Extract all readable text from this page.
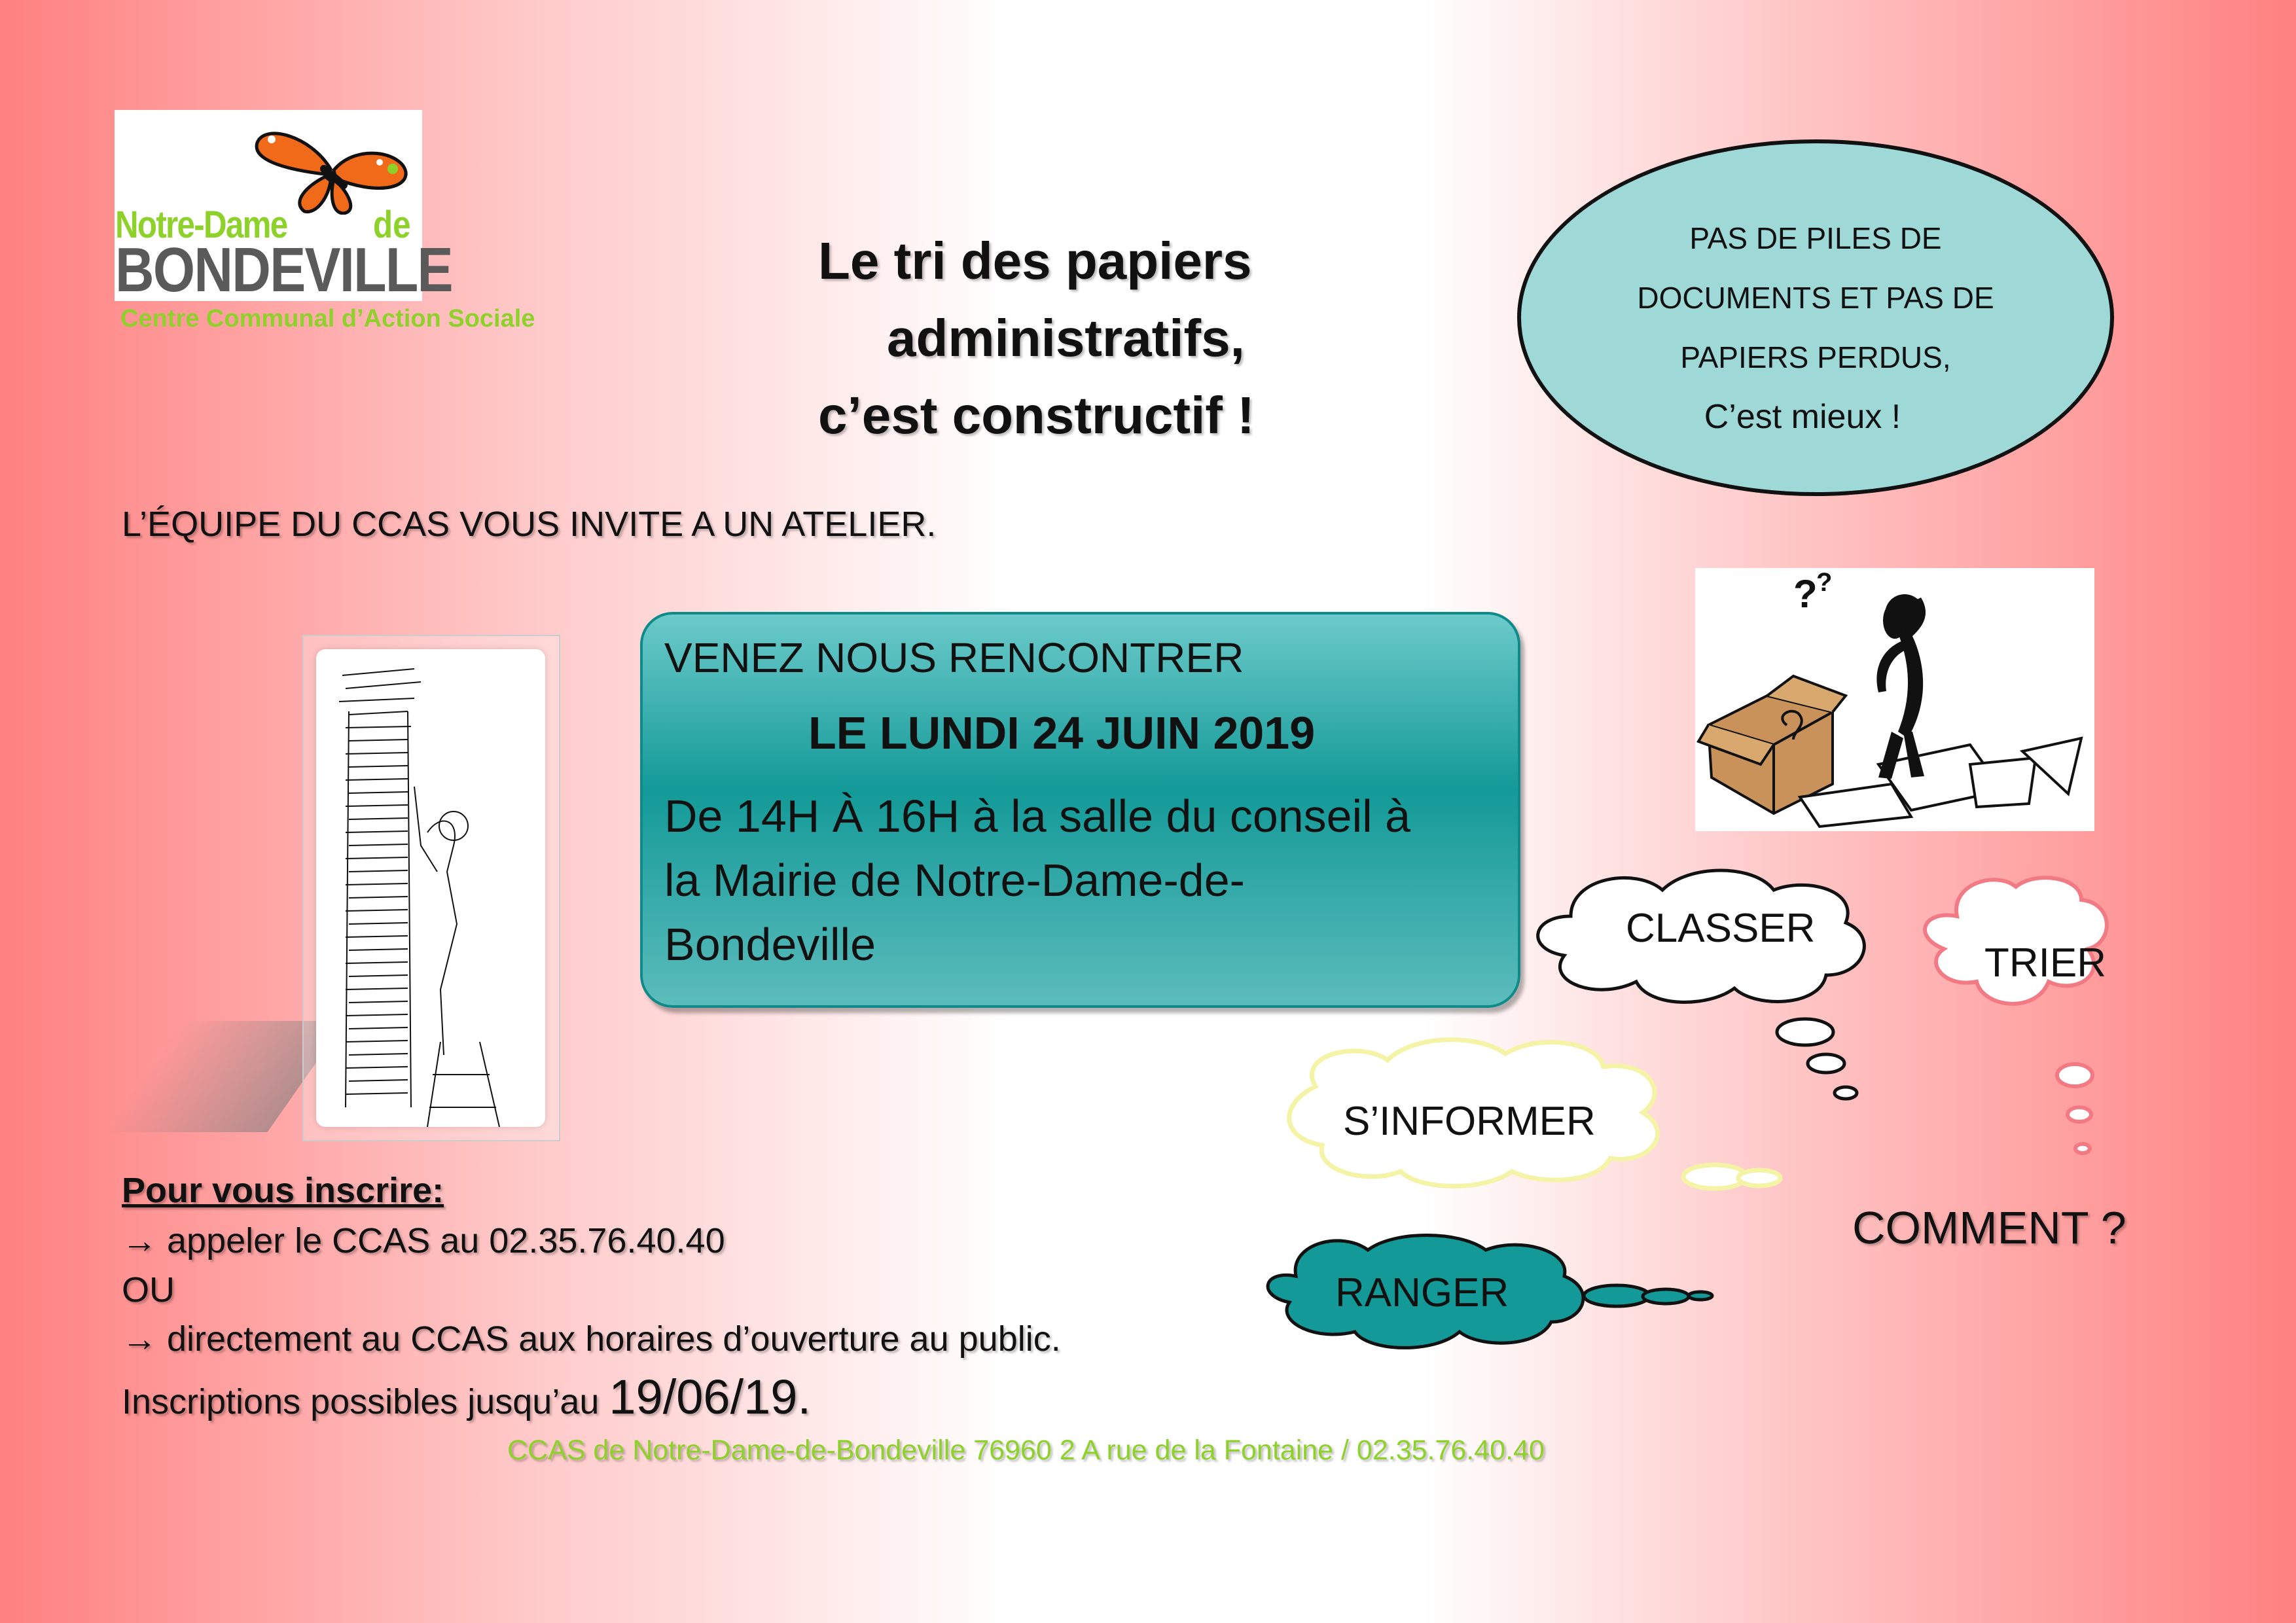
Notre-Dame de
BONDEVILLE
Centre Communal d’Action Sociale
Le tri des papiers
administratifs,
c’est constructif !
PAS DE PILES DE
DOCUMENTS ET PAS DE
PAPIERS PERDUS,
C’est mieux !
L’ÉQUIPE DU CCAS VOUS INVITE A UN ATELIER.
VENEZ NOUS RENCONTRER
LE LUNDI 24 JUIN 2019
De 14H À 16H à la salle du conseil à
la Mairie de Notre-Dame-de-
Bondeville
?
?
CLASSER
TRIER
S’INFORMER
RANGER
COMMENT ?
Pour vous inscrire:
→ appeler le CCAS au 02.35.76.40.40
OU
→ directement au CCAS aux horaires d’ouverture au public.
Inscriptions possibles jusqu’au 19/06/19.
CCAS de Notre-Dame-de-Bondeville 76960 2 A rue de la Fontaine / 02.35.76.40.40
